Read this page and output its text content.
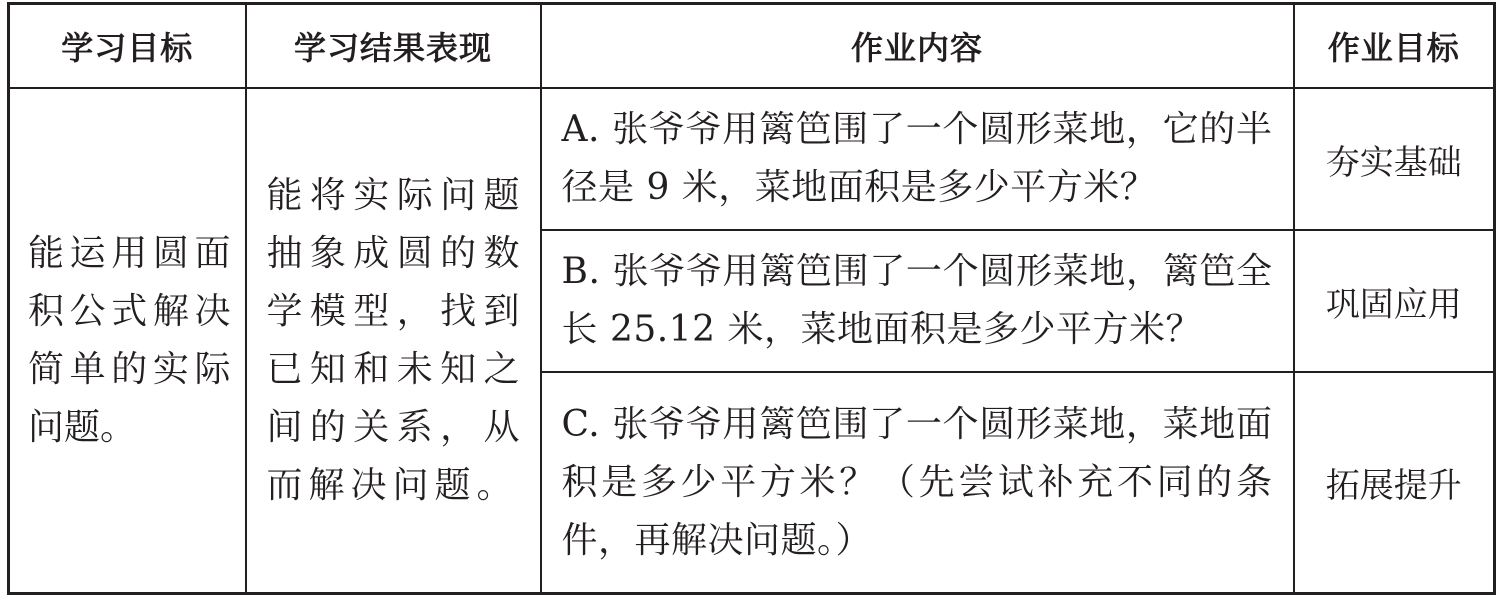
学习目标	学习结果表现	作业内容	作业目标

能运用圆面积公式解决简单的实际问题。	能将实际问题抽象成圆的数学模型，找到已知和未知之间的关系，从而解决问题。	A. 张爷爷用篱笆围了一个圆形菜地，它的半径是 9 米，菜地面积是多少平方米？	夯实基础

		B. 张爷爷用篱笆围了一个圆形菜地，篱笆全长 25.12 米，菜地面积是多少平方米？	巩固应用

		C. 张爷爷用篱笆围了一个圆形菜地，菜地面积是多少平方米？（先尝试补充不同的条件，再解决问题。）	拓展提升
